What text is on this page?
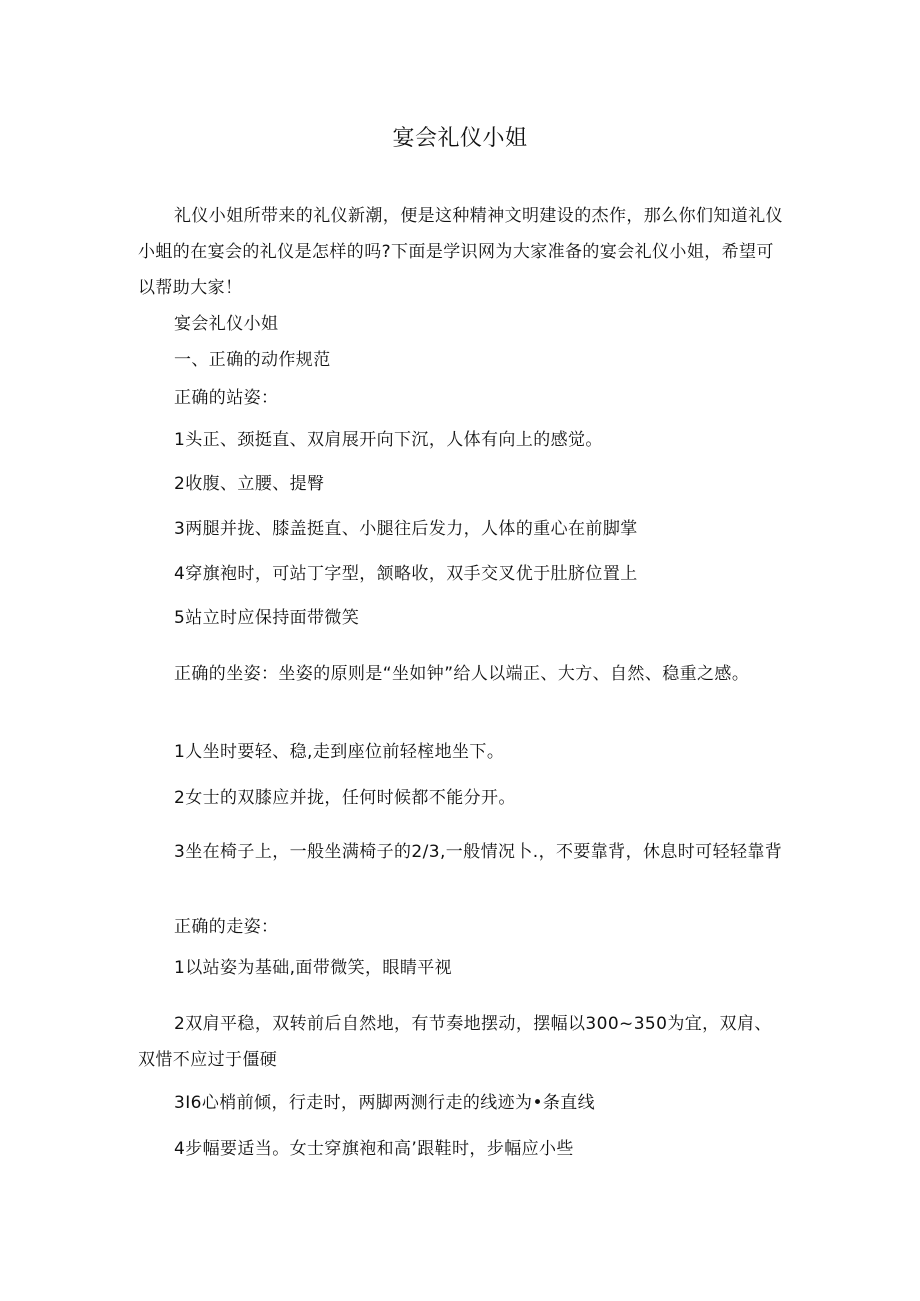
宴会礼仪小姐

礼仪小姐所带来的礼仪新潮，便是这种精神文明建设的杰作，那么你们知道礼仪小蛆的在宴会的礼仪是怎样的吗?下面是学识网为大家准备的宴会礼仪小姐，希望可以帮助大家！

宴会礼仪小姐
一、正确的动作规范
正确的站姿：
1头正、颈挺直、双肩展开向下沉，人体有向上的感觉。
2收腹、立腰、提臀
3两腿并拢、膝盖挺直、小腿往后发力，人体的重心在前脚掌
4穿旗袍时，可站丁字型，颔略收，双手交叉优于肚脐位置上
5站立时应保持面带微笑

正确的坐姿：坐姿的原则是“坐如钟”给人以端正、大方、自然、稳重之感。

1人坐时要轻、稳,走到座位前轻榁地坐下。
2女士的双膝应并拢，任何时候都不能分开。

3坐在椅子上，一般坐满椅子的2/3,一般情况卜.，不要靠背，休息时可轻轻靠背

正确的走姿：
1以站姿为基础,面带微笑，眼睛平视

2双肩平稳，双转前后自然地，有节奏地摆动，摆幅以300~350为宜，双肩、双惜不应过于僵硬

3I6心梢前倾，行走时，两脚两测行走的线迹为•条直线
4步幅要适当。女士穿旗袍和高’跟鞋时，步幅应小些
